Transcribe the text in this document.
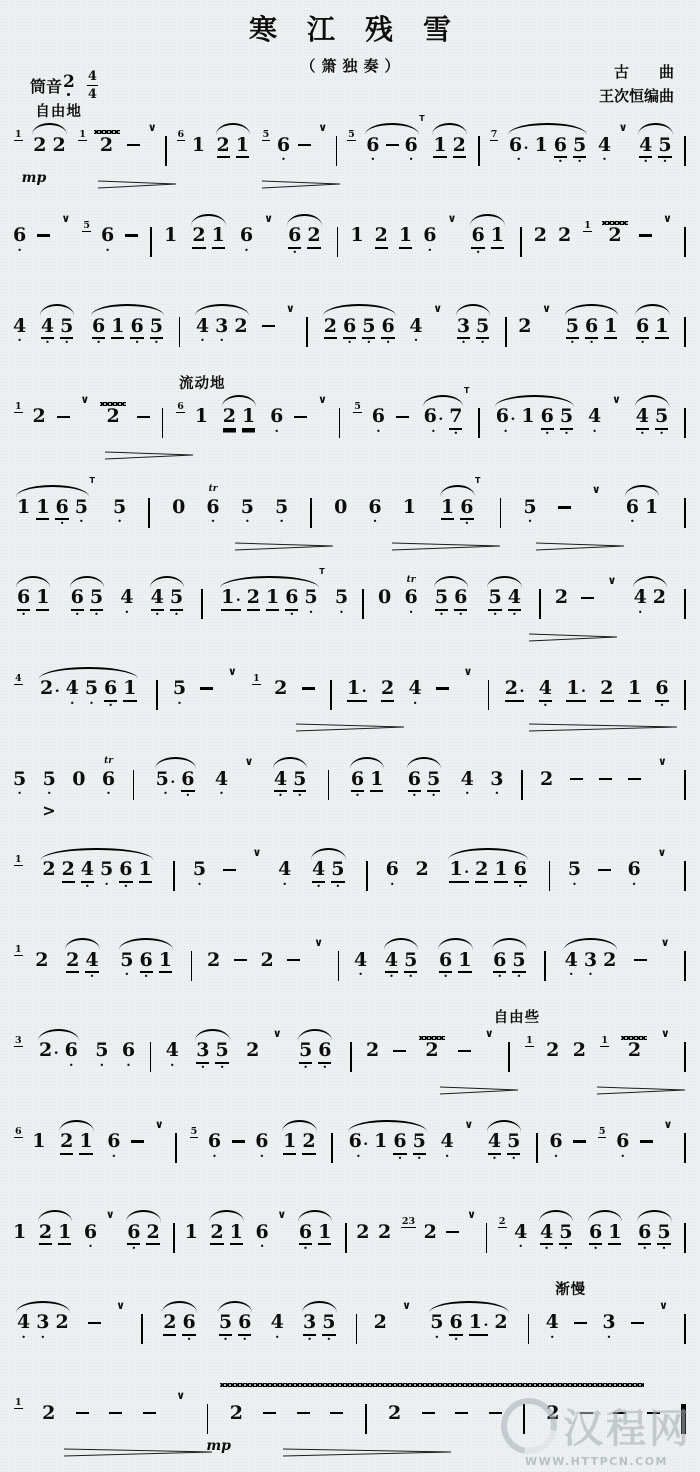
寒江残雪
（箫独奏）
筒音 2 4
4
古　　曲
王次恒编曲
自由地
1 2
2
1 2

∨
6 1
2
1
5 6
•
∨
5 6
•
6
•
T
1
2
	7 6 .
•
1
6
•
5
•
4
•
∨
4
•
5
•
mp
6
•
∨
5 6
•
1
2
1
6
•
∨
6
•
2
1
2
1
6
•
∨
6
•
1
2
2
1 2

∨
4
•
4
•
5
•
6
•
1
6
•
5
•
4
•
3
•
2

∨
2
6
•
5
•
6
•
4
•
∨
3
•
5
•
2

∨
5
•
6
•
1
6
•
1

流动地
1 2

∨
2
	6 1
2
1
6
•
∨
5 6
•
6 .
•
7
•
T
6 .
•
1
6
•
5
•
4
•
∨
4
•
5
•
1
1
6
•
5
•
T
5
•
0

tr
6
•
5
•
5
•
0
6
•
1
1
6
•
T
5
•
∨
6
•
1

6
•
1
6
•
5
•
4
•
4
•
5
•
1 .
2
1
6
•
5
•
T
5
•
0

tr
6
•
5
•
6
•
5
•
4
•
2

∨
4
•
2

4 2 .
4
•
5
•
6
•
1
5
•
∨
1 2
	1 .
2
4
•
∨
2 .
4
•
1 .
2
1
6
•
5
•
5
•
0

tr
6
•
5 .
•
6
•
4
•
∨
4
•
5
•
6
•
1
6
•
5
•
4
•
3
•
2

∨
>
1 2
2
4
•
5
•
6
•
1
5
•
∨
4
•
4
•
5
•
6
•
2
1 .
2
1
6
•
5
•
6
•
∨
1 2
2
4
•
5
•
6
•
1
2
2

∨
4
•
4
•
5
•
6
•
1
6
•
5
•
4
•
3
•
2

∨
自由些
3 2 .
6
•
5
•
6
•
4
•
3
•
5
•
2

∨
5
•
6
•
2
2

∨
1 2
2
1 2

∨
6 1
2
1
6
•
∨
5 6
•
6
•
1
2
6 .
•
1
6
•
5
•
4
•
∨
4
•
5
•
6
•
5 6
•
∨
1
2
1
6
•
∨
6
•
2
1
2
1
6
•
∨
6
•
1
2
2
23 2

∨
2 4
•
4
•
5
•
6
•
1
6
•
5
•
渐慢
4
•
3
•
2

∨
2
6
•
5
•
6
•
4
•
3
•
5
•
2

∨
5
•
6
•
1 .
2
4
•
3
•
∨
1 2

∨
2
	2
	2

mp	汉程网
WWW.HTTPCN.COM
